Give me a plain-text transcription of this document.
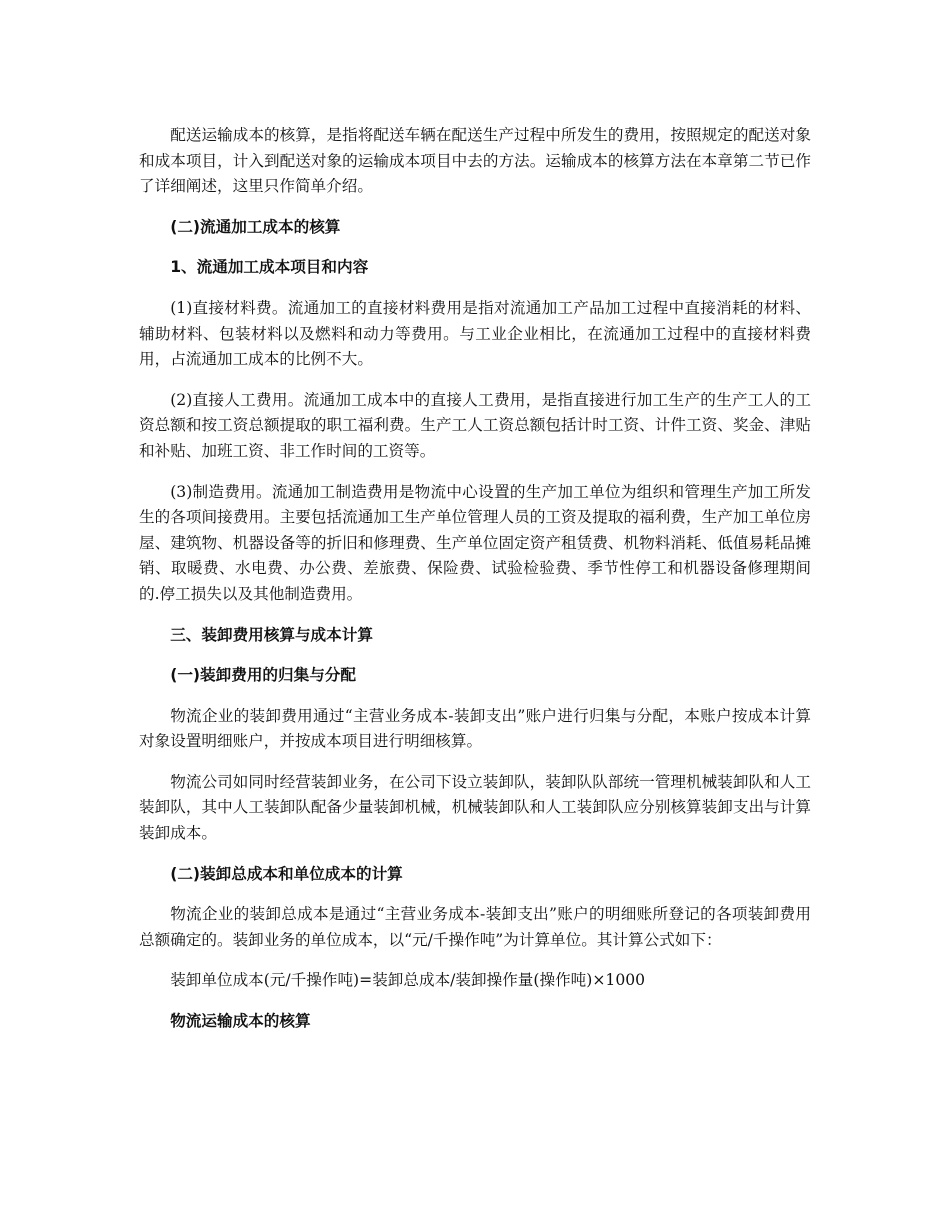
配送运输成本的核算，是指将配送车辆在配送生产过程中所发生的费用，按照规定的配送对象和成本项目，计入到配送对象的运输成本项目中去的方法。运输成本的核算方法在本章第二节已作了详细阐述，这里只作简单介绍。

(二)流通加工成本的核算
1、流通加工成本项目和内容

(1)直接材料费。流通加工的直接材料费用是指对流通加工产品加工过程中直接消耗的材料、辅助材料、包装材料以及燃料和动力等费用。与工业企业相比，在流通加工过程中的直接材料费用，占流通加工成本的比例不大。

(2)直接人工费用。流通加工成本中的直接人工费用，是指直接进行加工生产的生产工人的工资总额和按工资总额提取的职工福利费。生产工人工资总额包括计时工资、计件工资、奖金、津贴和补贴、加班工资、非工作时间的工资等。

(3)制造费用。流通加工制造费用是物流中心设置的生产加工单位为组织和管理生产加工所发生的各项间接费用。主要包括流通加工生产单位管理人员的工资及提取的福利费，生产加工单位房屋、建筑物、机器设备等的折旧和修理费、生产单位固定资产租赁费、机物料消耗、低值易耗品摊销、取暖费、水电费、办公费、差旅费、保险费、试验检验费、季节性停工和机器设备修理期间的.停工损失以及其他制造费用。

三、装卸费用核算与成本计算
(一)装卸费用的归集与分配

物流企业的装卸费用通过“主营业务成本-装卸支出”账户进行归集与分配，本账户按成本计算对象设置明细账户，并按成本项目进行明细核算。

物流公司如同时经营装卸业务，在公司下设立装卸队，装卸队队部统一管理机械装卸队和人工装卸队，其中人工装卸队配备少量装卸机械，机械装卸队和人工装卸队应分别核算装卸支出与计算装卸成本。

(二)装卸总成本和单位成本的计算

物流企业的装卸总成本是通过“主营业务成本-装卸支出”账户的明细账所登记的各项装卸费用总额确定的。装卸业务的单位成本，以“元/千操作吨”为计算单位。其计算公式如下：

装卸单位成本(元/千操作吨)=装卸总成本/装卸操作量(操作吨)×1000

物流运输成本的核算
